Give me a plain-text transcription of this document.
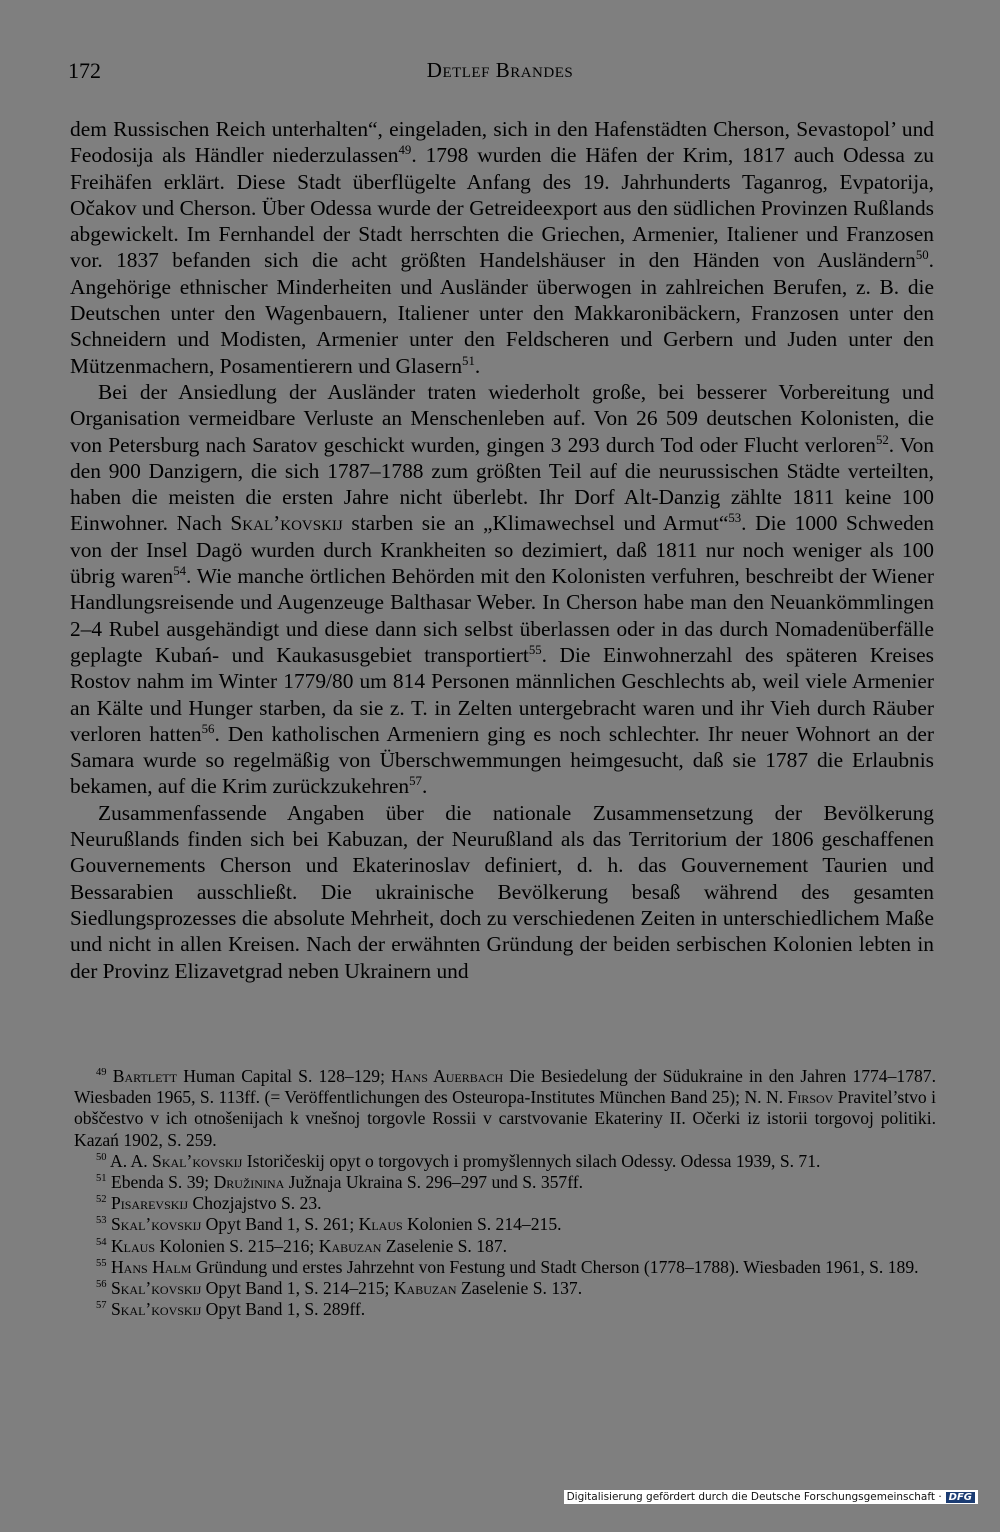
172	Detlef Brandes

dem Russischen Reich unterhalten“, eingeladen, sich in den Hafenstädten Cherson, Sevastopol’ und Feodosija als Händler niederzulassen$^{49}$. 1798 wurden die Häfen der Krim, 1817 auch Odessa zu Freihäfen erklärt. Diese Stadt überflügelte Anfang des 19. Jahrhunderts Taganrog, Evpatorija, Očakov und Cherson. Über Odessa wurde der Getreideexport aus den südlichen Provinzen Rußlands abgewickelt. Im Fernhandel der Stadt herrschten die Griechen, Armenier, Italiener und Franzosen vor. 1837 befanden sich die acht größten Handelshäuser in den Händen von Ausländern$^{50}$. Angehörige ethnischer Minderheiten und Ausländer überwogen in zahlreichen Berufen, z. B. die Deutschen unter den Wagenbauern, Italiener unter den Makkaronibäckern, Franzosen unter den Schneidern und Modisten, Armenier unter den Feldscheren und Gerbern und Juden unter den Mützenmachern, Posamentierern und Glasern$^{51}$.

Bei der Ansiedlung der Ausländer traten wiederholt große, bei besserer Vorbereitung und Organisation vermeidbare Verluste an Menschenleben auf. Von 26 509 deutschen Kolonisten, die von Petersburg nach Saratov geschickt wurden, gingen 3 293 durch Tod oder Flucht verloren$^{52}$. Von den 900 Danzigern, die sich 1787–1788 zum größten Teil auf die neurussischen Städte verteilten, haben die meisten die ersten Jahre nicht überlebt. Ihr Dorf Alt-Danzig zählte 1811 keine 100 Einwohner. Nach Skal’kovskij starben sie an „Klimawechsel und Armut“$^{53}$. Die 1000 Schweden von der Insel Dagö wurden durch Krankheiten so dezimiert, daß 1811 nur noch weniger als 100 übrig waren$^{54}$. Wie manche örtlichen Behörden mit den Kolonisten verfuhren, beschreibt der Wiener Handlungsreisende und Augenzeuge Balthasar Weber. In Cherson habe man den Neuankömmlingen 2–4 Rubel ausgehändigt und diese dann sich selbst überlassen oder in das durch Nomadenüberfälle geplagte Kubań- und Kaukasusgebiet transportiert$^{55}$. Die Einwohnerzahl des späteren Kreises Rostov nahm im Winter 1779/80 um 814 Personen männlichen Geschlechts ab, weil viele Armenier an Kälte und Hunger starben, da sie z. T. in Zelten untergebracht waren und ihr Vieh durch Räuber verloren hatten$^{56}$. Den katholischen Armeniern ging es noch schlechter. Ihr neuer Wohnort an der Samara wurde so regelmäßig von Überschwemmungen heimgesucht, daß sie 1787 die Erlaubnis bekamen, auf die Krim zurückzukehren$^{57}$.

Zusammenfassende Angaben über die nationale Zusammensetzung der Bevölkerung Neurußlands finden sich bei Kabuzan, der Neurußland als das Territorium der 1806 geschaffenen Gouvernements Cherson und Ekaterinoslav definiert, d. h. das Gouvernement Taurien und Bessarabien ausschließt. Die ukrainische Bevölkerung besaß während des gesamten Siedlungsprozesses die absolute Mehrheit, doch zu verschiedenen Zeiten in unterschiedlichem Maße und nicht in allen Kreisen. Nach der erwähnten Gründung der beiden serbischen Kolonien lebten in der Provinz Elizavetgrad neben Ukrainern und

$^{49}$ Bartlett Human Capital S. 128–129; Hans Auerbach Die Besiedelung der Südukraine in den Jahren 1774–1787. Wiesbaden 1965, S. 113ff. (= Veröffentlichungen des Osteuropa-Institutes München Band 25); N. N. Firsov Pravitel’stvo i obščestvo v ich otnošenijach k vnešnoj torgovle Rossii v carstvovanie Ekateriny II. Očerki iz istorii torgovoj politiki. Kazań 1902, S. 259.

$^{50}$ A. A. Skal’kovskij Istoričeskij opyt o torgovych i promyšlennych silach Odessy. Odessa 1939, S. 71.

$^{51}$ Ebenda S. 39; Družinina Južnaja Ukraina S. 296–297 und S. 357ff.

$^{52}$ Pisarevskij Chozjajstvo S. 23.

$^{53}$ Skal’kovskij Opyt Band 1, S. 261; Klaus Kolonien S. 214–215.

$^{54}$ Klaus Kolonien S. 215–216; Kabuzan Zaselenie S. 187.

$^{55}$ Hans Halm Gründung und erstes Jahrzehnt von Festung und Stadt Cherson (1778–1788). Wiesbaden 1961, S. 189.

$^{56}$ Skal’kovskij Opyt Band 1, S. 214–215; Kabuzan Zaselenie S. 137.

$^{57}$ Skal’kovskij Opyt Band 1, S. 289ff.

Digitalisierung gefördert durch die Deutsche Forschungsgemeinschaft · DFG
